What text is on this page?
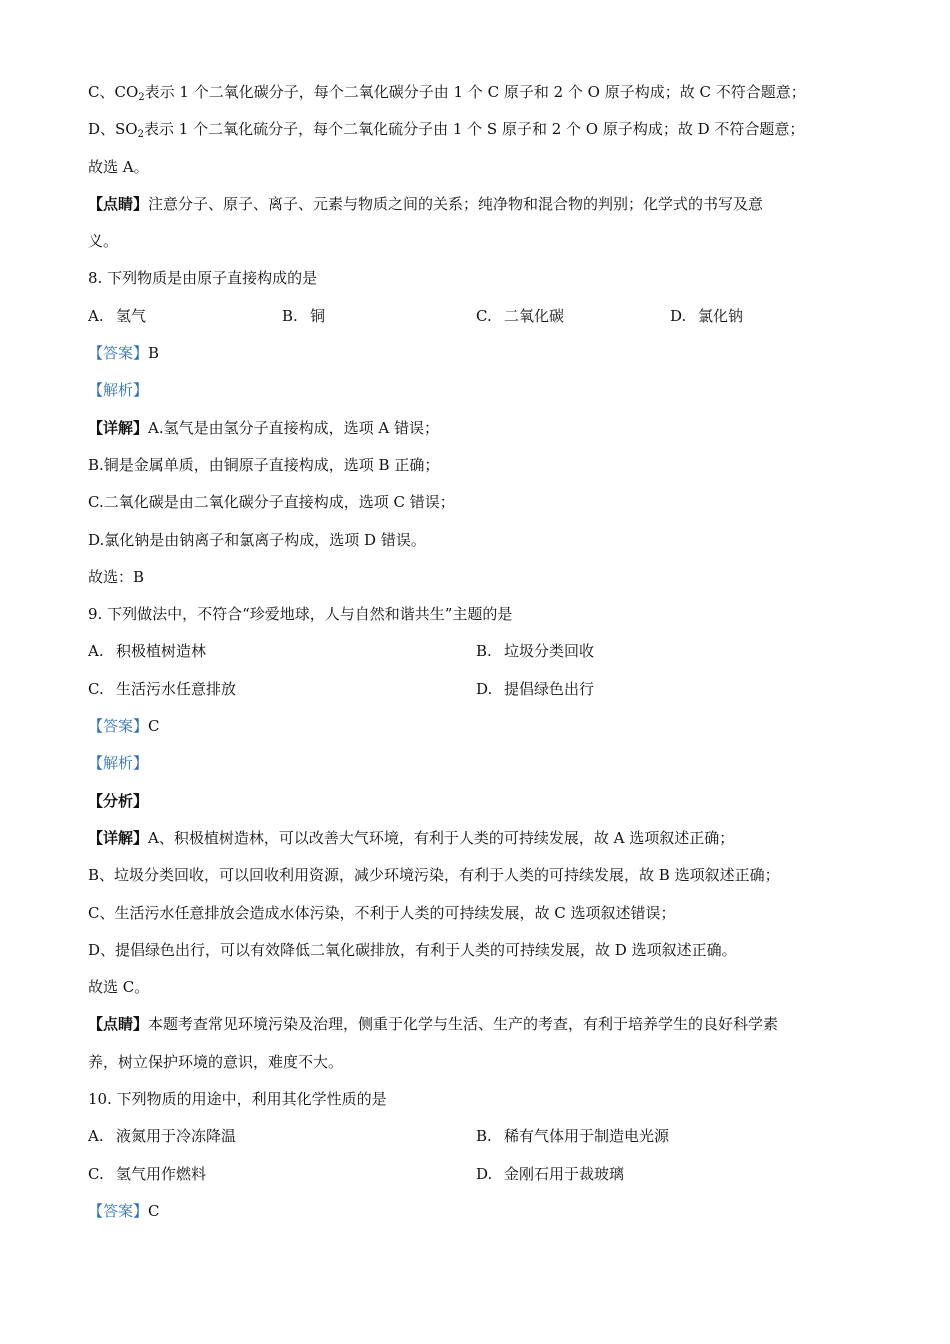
C、$CO_2$表示 1 个二氧化碳分子，每个二氧化碳分子由 1 个 C 原子和 2 个 O 原子构成；故 C 不符合题意；
D、$SO_2$表示 1 个二氧化硫分子，每个二氧化硫分子由 1 个 S 原子和 2 个 O 原子构成；故 D 不符合题意；
故选 A。
【点睛】注意分子、原子、离子、元素与物质之间的关系；纯净物和混合物的判别；化学式的书写及意
义。
8. 下列物质是由原子直接构成的是
A. 氢气	B. 铜	C. 二氧化碳	D. 氯化钠
【答案】B
【解析】
【详解】A.氢气是由氢分子直接构成，选项 A 错误；
B.铜是金属单质，由铜原子直接构成，选项 B 正确；
C.二氧化碳是由二氧化碳分子直接构成，选项 C 错误；
D.氯化钠是由钠离子和氯离子构成，选项 D 错误。
故选：B
9. 下列做法中，不符合“珍爱地球，人与自然和谐共生”主题的是
A. 积极植树造林	B. 垃圾分类回收
C. 生活污水任意排放	D. 提倡绿色出行
【答案】C
【解析】
【分析】
【详解】A、积极植树造林，可以改善大气环境，有利于人类的可持续发展，故 A 选项叙述正确；
B、垃圾分类回收，可以回收利用资源，减少环境污染，有利于人类的可持续发展，故 B 选项叙述正确；
C、生活污水任意排放会造成水体污染，不利于人类的可持续发展，故 C 选项叙述错误；
D、提倡绿色出行，可以有效降低二氧化碳排放，有利于人类的可持续发展，故 D 选项叙述正确。
故选 C。
【点睛】本题考查常见环境污染及治理，侧重于化学与生活、生产的考查，有利于培养学生的良好科学素
养，树立保护环境的意识，难度不大。
10. 下列物质的用途中，利用其化学性质的是
A. 液氮用于冷冻降温	B. 稀有气体用于制造电光源
C. 氢气用作燃料	D. 金刚石用于裁玻璃
【答案】C
